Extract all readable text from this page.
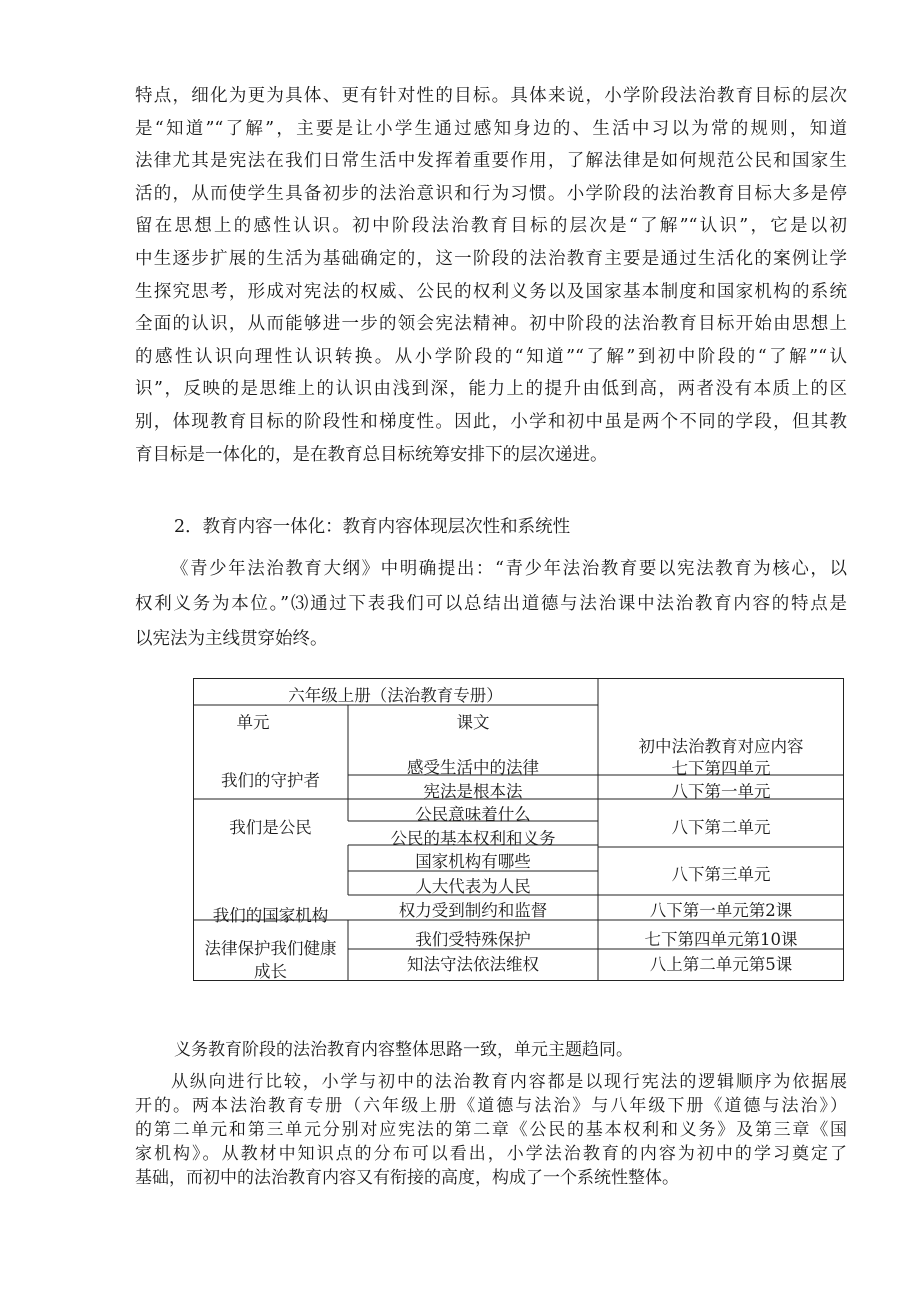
特点，细化为更为具体、更有针对性的目标。具体来说，小学阶段法治教育目标的层次
是“知道”“了解”，主要是让小学生通过感知身边的、生活中习以为常的规则，知道
法律尤其是宪法在我们日常生活中发挥着重要作用，了解法律是如何规范公民和国家生
活的，从而使学生具备初步的法治意识和行为习惯。小学阶段的法治教育目标大多是停
留在思想上的感性认识。初中阶段法治教育目标的层次是“了解”“认识”，它是以初
中生逐步扩展的生活为基础确定的，这一阶段的法治教育主要是通过生活化的案例让学
生探究思考，形成对宪法的权威、公民的权利义务以及国家基本制度和国家机构的系统
全面的认识，从而能够进一步的领会宪法精神。初中阶段的法治教育目标开始由思想上
的感性认识向理性认识转换。从小学阶段的“知道”“了解”到初中阶段的“了解”“认
识”，反映的是思维上的认识由浅到深，能力上的提升由低到高，两者没有本质上的区
别，体现教育目标的阶段性和梯度性。因此，小学和初中虽是两个不同的学段，但其教
育目标是一体化的，是在教育总目标统筹安排下的层次递进。
2．教育内容一体化：教育内容体现层次性和系统性
《青少年法治教育大纲》中明确提出：“青少年法治教育要以宪法教育为核心，以
权利义务为本位。”⑶通过下表我们可以总结出道德与法治课中法治教育内容的特点是
以宪法为主线贯穿始终。
六年级上册（法治教育专册）
单元	课文
初中法治教育对应内容
我们的守护者
我们是公民
我们的国家机构
法律保护我们健康
成长
感受生活中的法律
宪法是根本法
公民意味着什么
公民的基本权利和义务
国家机构有哪些
人大代表为人民
权力受到制约和监督
我们受特殊保护
知法守法依法维权
七下第四单元
八下第一单元
八下第二单元
八下第三单元
八下第一单元第2课
七下第四单元第10课
八上第二单元第5课
义务教育阶段的法治教育内容整体思路一致，单元主题趋同。
从纵向进行比较，小学与初中的法治教育内容都是以现行宪法的逻辑顺序为依据展
开的。两本法治教育专册（六年级上册《道德与法治》与八年级下册《道德与法治》）
的第二单元和第三单元分别对应宪法的第二章《公民的基本权利和义务》及第三章《国
家机构》。从教材中知识点的分布可以看出，小学法治教育的内容为初中的学习奠定了
基础，而初中的法治教育内容又有衔接的高度，构成了一个系统性整体。
